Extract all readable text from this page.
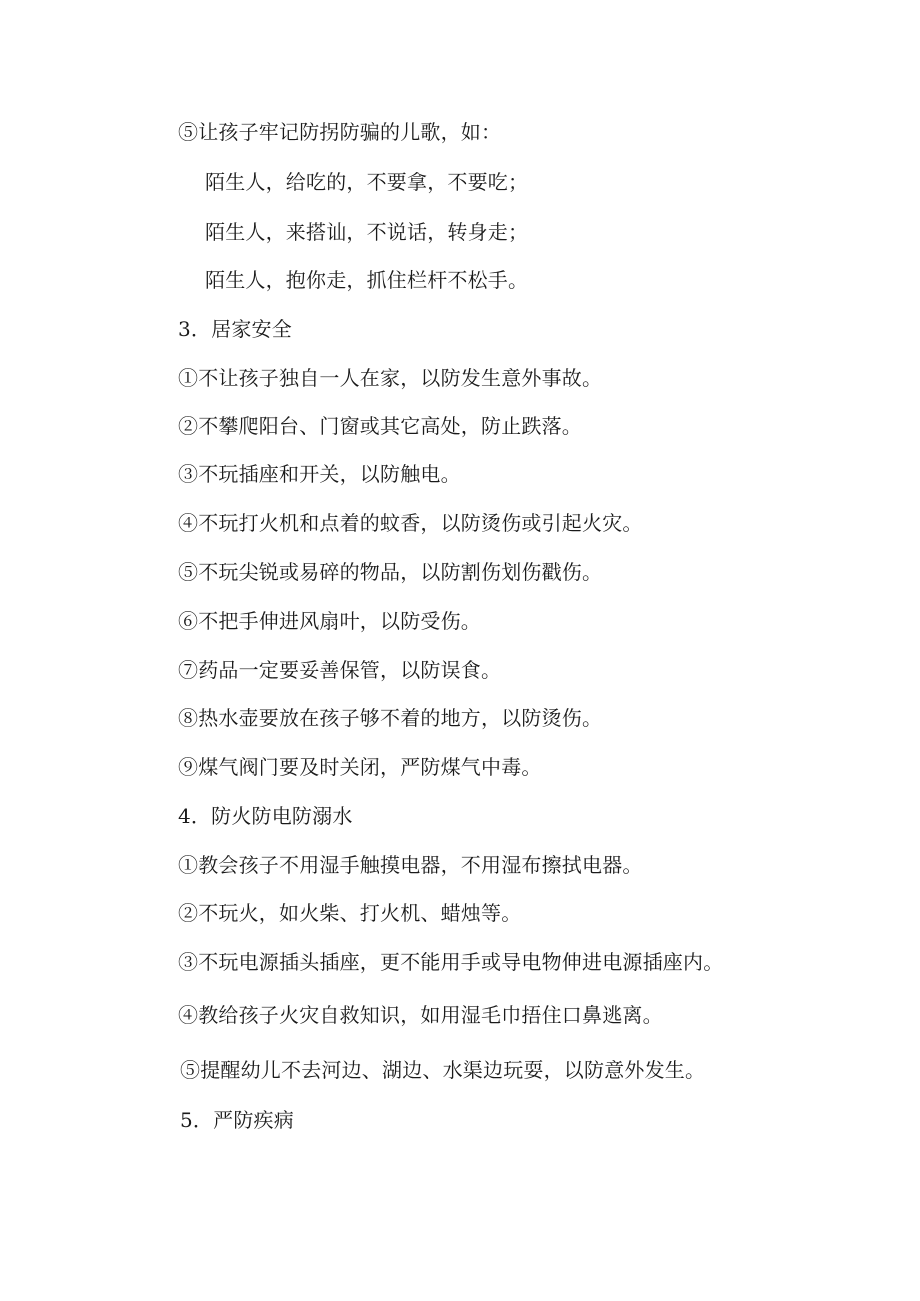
⑤让孩子牢记防拐防骗的儿歌，如：
陌生人，给吃的，不要拿，不要吃；
陌生人，来搭讪，不说话，转身走；
陌生人，抱你走，抓住栏杆不松手。
3．居家安全
①不让孩子独自一人在家，以防发生意外事故。
②不攀爬阳台、门窗或其它高处，防止跌落。
③不玩插座和开关，以防触电。
④不玩打火机和点着的蚊香，以防烫伤或引起火灾。
⑤不玩尖锐或易碎的物品，以防割伤划伤戳伤。
⑥不把手伸进风扇叶，以防受伤。
⑦药品一定要妥善保管，以防误食。
⑧热水壶要放在孩子够不着的地方，以防烫伤。
⑨煤气阀门要及时关闭，严防煤气中毒。
4．防火防电防溺水
①教会孩子不用湿手触摸电器，不用湿布擦拭电器。
②不玩火，如火柴、打火机、蜡烛等。
③不玩电源插头插座，更不能用手或导电物伸进电源插座内。
④教给孩子火灾自救知识，如用湿毛巾捂住口鼻逃离。
⑤提醒幼儿不去河边、湖边、水渠边玩耍，以防意外发生。
5．严防疾病
